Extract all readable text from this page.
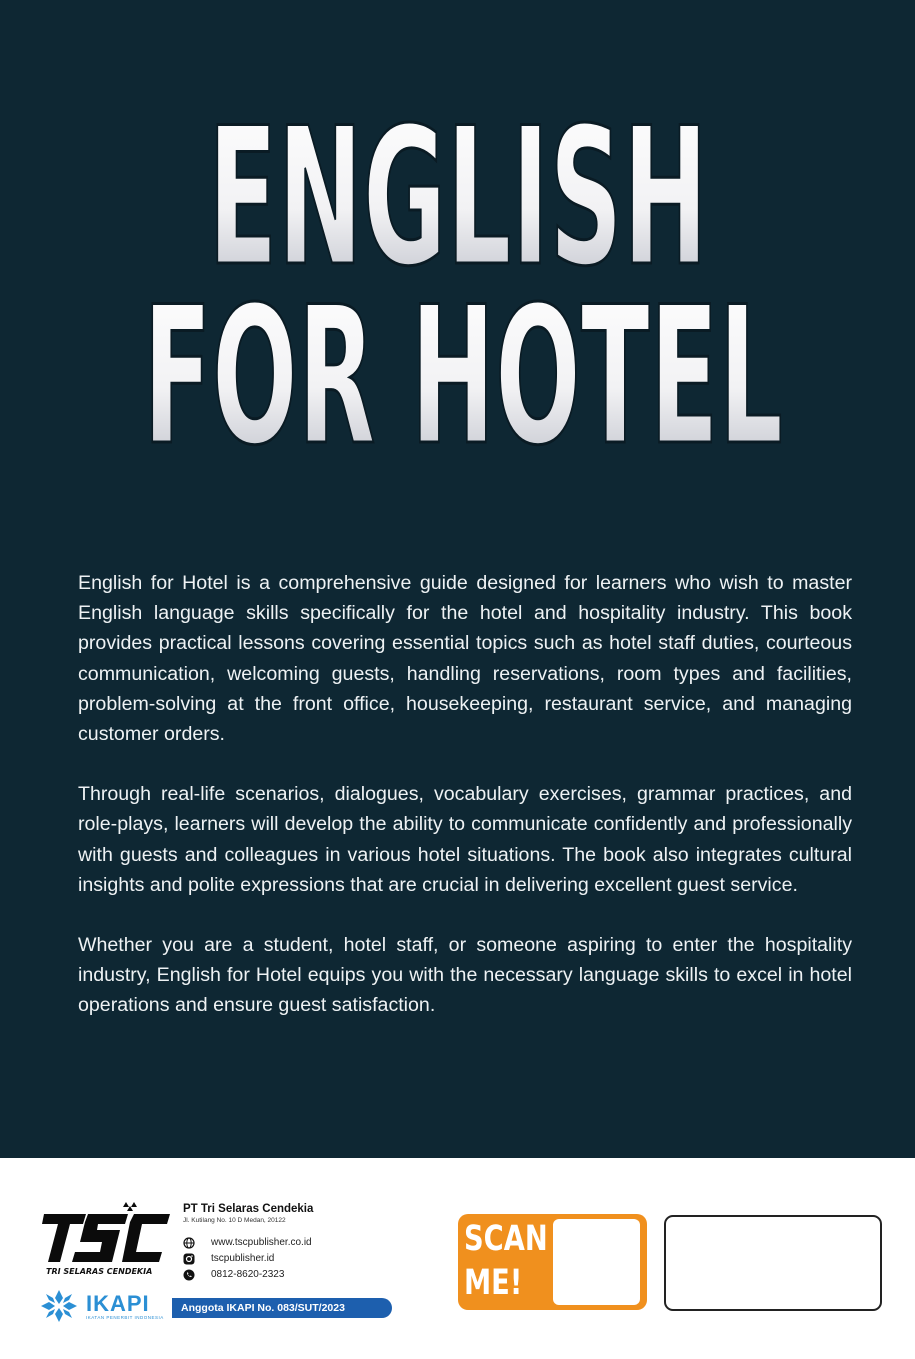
ENGLISH
FOR HOTEL

English for Hotel is a comprehensive guide designed for learners who wish to master English language skills specifically for the hotel and hospitality industry. This book provides practical lessons covering essential topics such as hotel staff duties, courteous communication, welcoming guests, handling reservations, room types and facilities, problem-solving at the front office, housekeeping, restaurant service, and managing customer orders.

Through real-life scenarios, dialogues, vocabulary exercises, grammar practices, and role-plays, learners will develop the ability to communicate confidently and professionally with guests and colleagues in various hotel situations. The book also integrates cultural insights and polite expressions that are crucial in delivering excellent guest service.

Whether you are a student, hotel staff, or someone aspiring to enter the hospitality industry, English for Hotel equips you with the necessary language skills to excel in hotel operations and ensure guest satisfaction.

TRI SELARAS CENDEKIA
PT Tri Selaras Cendekia
Jl. Kutilang No. 10 D Medan, 20122
www.tscpublisher.co.id
tscpublisher.id
0812-8620-2323
IKAPI
IKATAN PENERBIT INDONESIA
Anggota IKAPI No. 083/SUT/2023
SCAN
ME!
